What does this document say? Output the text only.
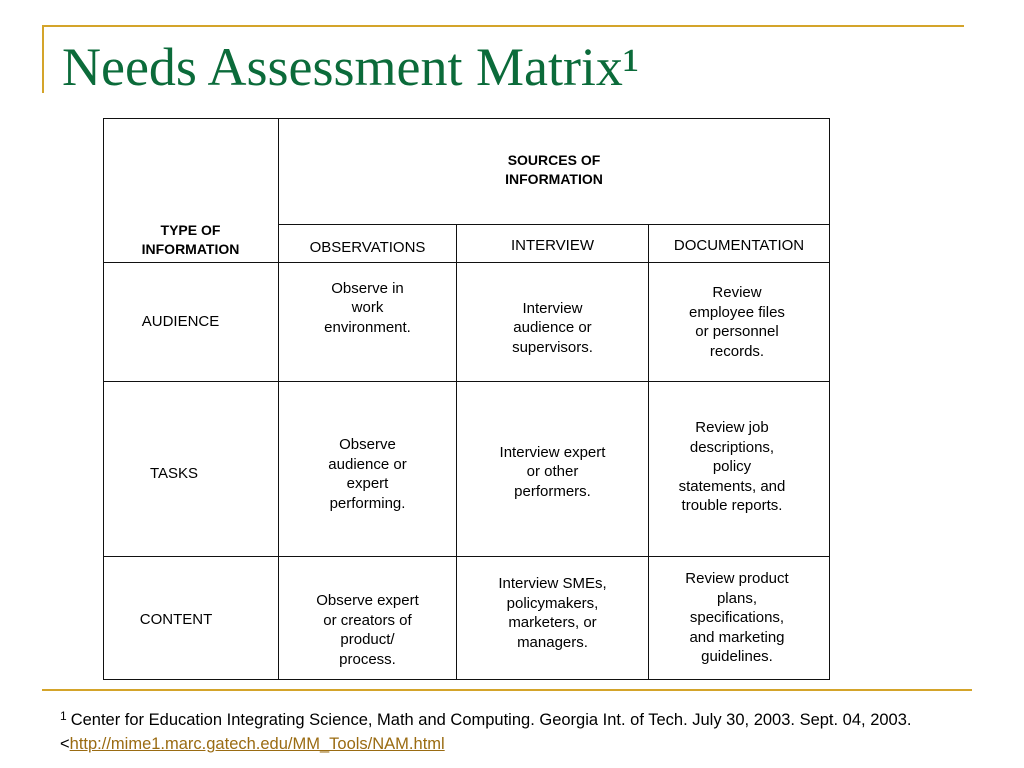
Needs Assessment Matrix¹
TYPE OF
INFORMATION
SOURCES OF
INFORMATION
OBSERVATIONS	INTERVIEW	DOCUMENTATION
AUDIENCE
Observe in
work
environment.
Interview
audience or
supervisors.
Review
employee files
or personnel
records.
TASKS
Observe
audience or
expert
performing.
Interview expert
or other
performers.
Review job
descriptions,
policy
statements, and
trouble reports.
CONTENT
Observe expert
or creators of
product/
process.
Interview SMEs,
policymakers,
marketers, or
managers.
Review product
plans,
specifications,
and marketing
guidelines.
$^1$ Center for Education Integrating Science, Math and Computing. Georgia Int. of Tech. July 30, 2003. Sept. 04, 2003. <http://mime1.marc.gatech.edu/MM_Tools/NAM.html
